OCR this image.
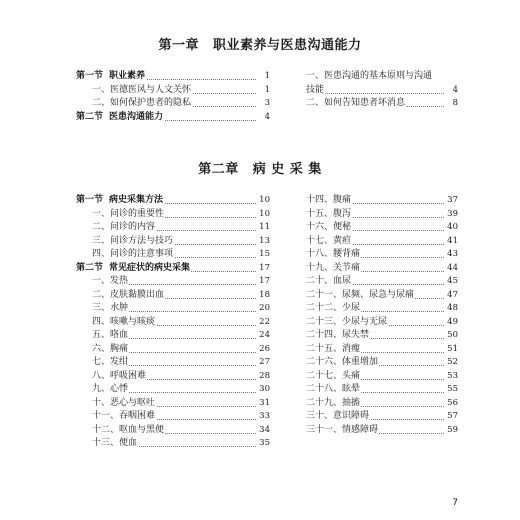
第一章 职业素养与医患沟通能力
第一节 职业素养	1
一、医德医风与人文关怀	1
二、如何保护患者的隐私	3
第二节 医患沟通能力	4
一、医患沟通的基本原则与沟通
技能	4
二、如何告知患者坏消息	8
第二章 病 史 采 集
第一节 病史采集方法	10
一、问诊的重要性	10
二、问诊的内容	11
三、问诊方法与技巧	13
四、问诊的注意事项	15
第二节 常见症状的病史采集	17
一、发热	17
二、皮肤黏膜出血	18
三、水肿	20
四、咳嗽与咳痰	22
五、咯血	24
六、胸痛	26
七、发绀	27
八、呼吸困难	28
九、心悸	30
十、恶心与呕吐	31
十一、吞咽困难	33
十二、呕血与黑便	34
十三、便血	35
十四、腹痛	37
十五、腹泻	39
十六、便秘	40
十七、黄疸	41
十八、腰背痛	43
十九、关节痛	44
二十、血尿	45
二十一、尿频、尿急与尿痛	47
二十二、少尿	48
二十三、少尿与无尿	49
二十四、尿失禁	50
二十五、消瘦	51
二十六、体重增加	52
二十七、头痛	53
二十八、眩晕	55
二十九、抽搐	56
三十、意识障碍	57
三十一、情感障碍	59
7
